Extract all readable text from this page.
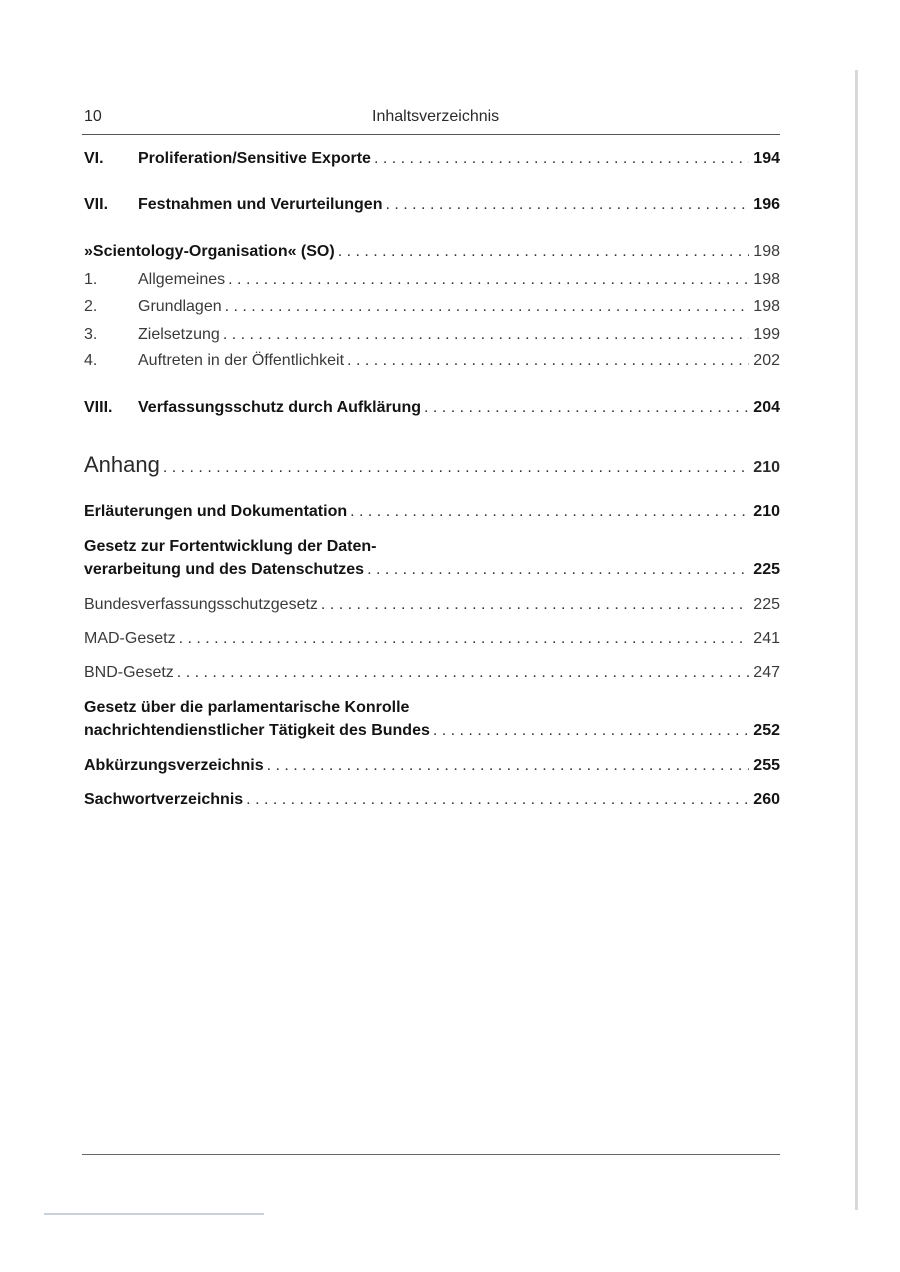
10	Inhaltsverzeichnis
VI.	Proliferation/Sensitive Exporte . . .	194
VII.	Festnahmen und Verurteilungen . . .	196
»Scientology-Organisation« (SO) . . .	198
1.	Allgemeines . . .	198
2.	Grundlagen . . .	198
3.	Zielsetzung . . .	199
4.	Auftreten in der Öffentlichkeit . . .	202
VIII.	Verfassungsschutz durch Aufklärung . . .	204
Anhang . . .	210
Erläuterungen und Dokumentation . . .	210
Gesetz zur Fortentwicklung der Daten-
verarbeitung und des Datenschutzes . . .	225
Bundesverfassungsschutzgesetz . . .	225
MAD-Gesetz . . .	241
BND-Gesetz . . .	247
Gesetz über die parlamentarische Konrolle
nachrichtendienstlicher Tätigkeit des Bundes . . .	252
Abkürzungsverzeichnis . . .	255
Sachwortverzeichnis . . .	260
